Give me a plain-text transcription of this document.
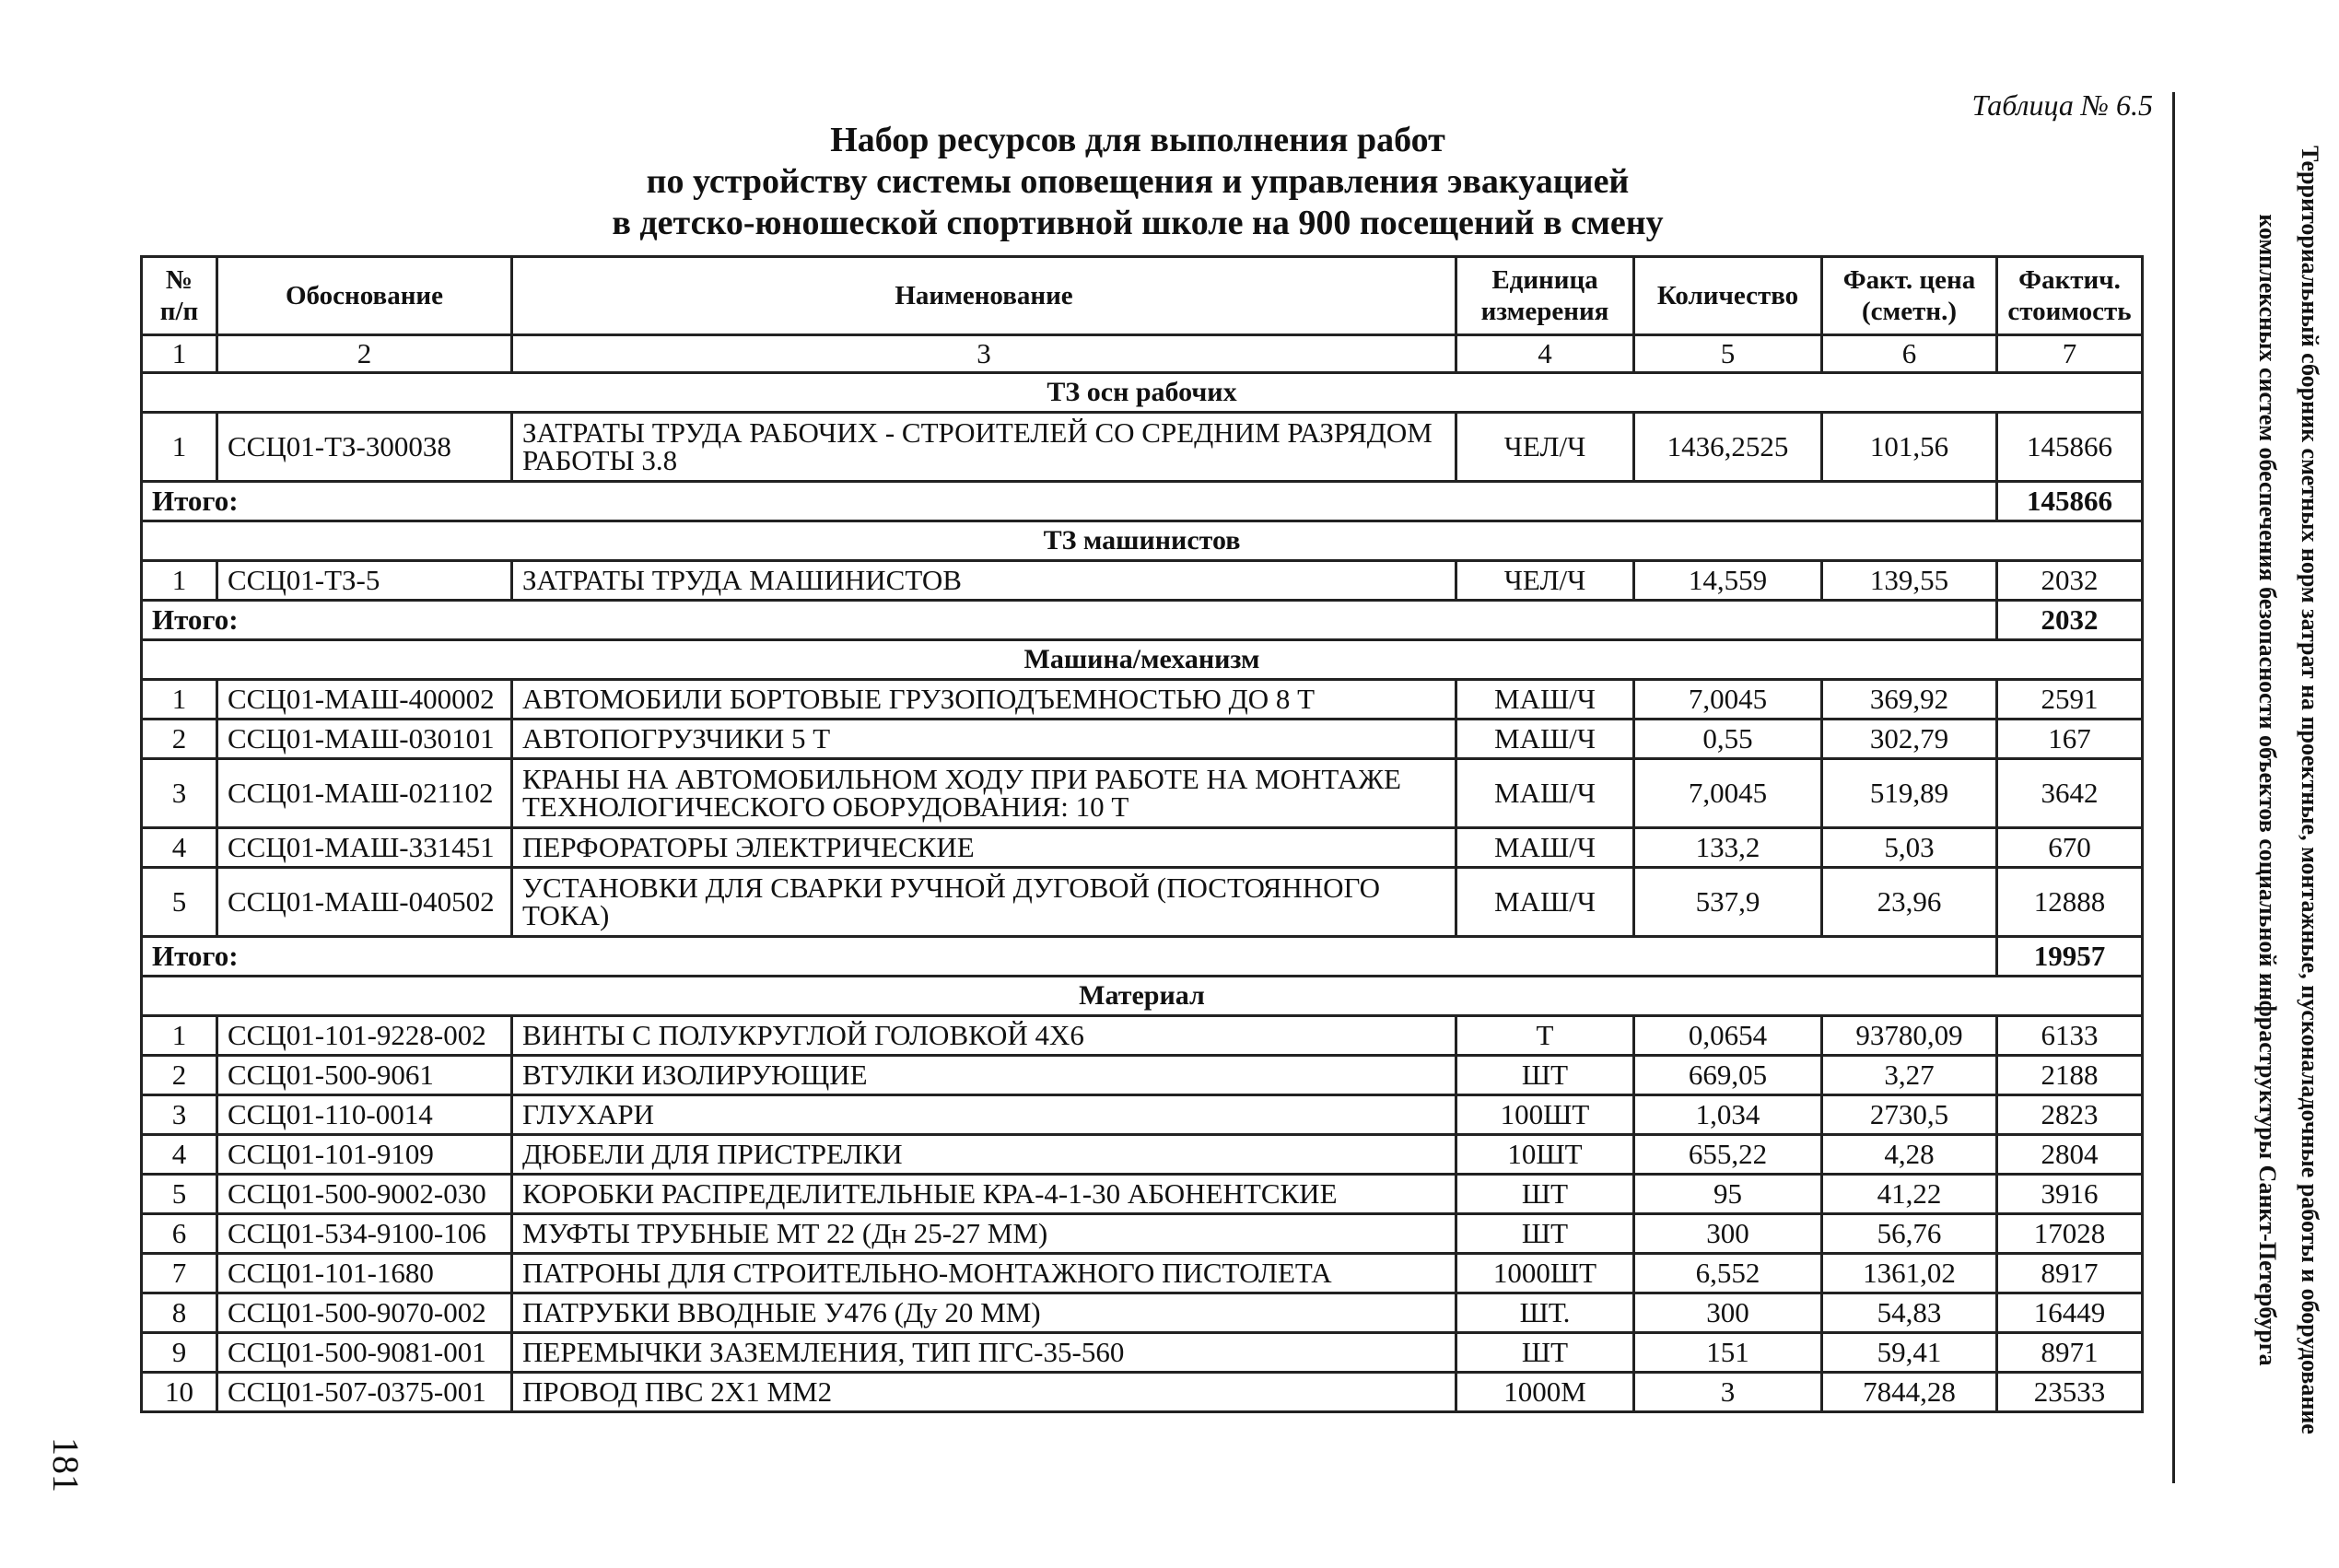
Таблица № 6.5
Набор ресурсов для выполнения работ
по устройству системы оповещения и управления эвакуацией
в детско-юношеской спортивной школе на 900 посещений в смену
181
Территориальный сборник сметных норм затрат на проектные, монтажные, пусконаладочные работы и оборудование
комплексных систем обеспечения безопасности объектов социальной инфраструктуры Санкт-Петербурга
№ п/п	Обоснование	Наименование	Единица измерения	Количество	Факт. цена (сметн.)	Фактич. стоимость
1	2	3	4	5	6	7
ТЗ осн рабочих						
1	ССЦ01-ТЗ-300038	ЗАТРАТЫ ТРУДА РАБОЧИХ - СТРОИТЕЛЕЙ СО СРЕДНИМ РАЗРЯДОМ РАБОТЫ 3.8	ЧЕЛ/Ч	1436,2525	101,56	145866
Итого:						145866
ТЗ машинистов						
1	ССЦ01-ТЗ-5	ЗАТРАТЫ ТРУДА МАШИНИСТОВ	ЧЕЛ/Ч	14,559	139,55	2032
Итого:						2032
Машина/механизм						
1	ССЦ01-МАШ-400002	АВТОМОБИЛИ БОРТОВЫЕ ГРУЗОПОДЪЕМНОСТЬЮ ДО 8 Т	МАШ/Ч	7,0045	369,92	2591
2	ССЦ01-МАШ-030101	АВТОПОГРУЗЧИКИ 5 Т	МАШ/Ч	0,55	302,79	167
3	ССЦ01-МАШ-021102	КРАНЫ НА АВТОМОБИЛЬНОМ ХОДУ ПРИ РАБОТЕ НА МОНТАЖЕ ТЕХНОЛОГИЧЕСКОГО ОБОРУДОВАНИЯ: 10 Т	МАШ/Ч	7,0045	519,89	3642
4	ССЦ01-МАШ-331451	ПЕРФОРАТОРЫ ЭЛЕКТРИЧЕСКИЕ	МАШ/Ч	133,2	5,03	670
5	ССЦ01-МАШ-040502	УСТАНОВКИ ДЛЯ СВАРКИ РУЧНОЙ ДУГОВОЙ (ПОСТОЯННОГО ТОКА)	МАШ/Ч	537,9	23,96	12888
Итого:						19957
Материал						
1	ССЦ01-101-9228-002	ВИНТЫ С ПОЛУКРУГЛОЙ ГОЛОВКОЙ 4Х6	Т	0,0654	93780,09	6133
2	ССЦ01-500-9061	ВТУЛКИ ИЗОЛИРУЮЩИЕ	ШТ	669,05	3,27	2188
3	ССЦ01-110-0014	ГЛУХАРИ	100ШТ	1,034	2730,5	2823
4	ССЦ01-101-9109	ДЮБЕЛИ ДЛЯ ПРИСТРЕЛКИ	10ШТ	655,22	4,28	2804
5	ССЦ01-500-9002-030	КОРОБКИ РАСПРЕДЕЛИТЕЛЬНЫЕ КРА-4-1-30 АБОНЕНТСКИЕ	ШТ	95	41,22	3916
6	ССЦ01-534-9100-106	МУФТЫ ТРУБНЫЕ МТ 22 (Дн 25-27 ММ)	ШТ	300	56,76	17028
7	ССЦ01-101-1680	ПАТРОНЫ ДЛЯ СТРОИТЕЛЬНО-МОНТАЖНОГО ПИСТОЛЕТА	1000ШТ	6,552	1361,02	8917
8	ССЦ01-500-9070-002	ПАТРУБКИ ВВОДНЫЕ У476 (Ду 20 ММ)	ШТ.	300	54,83	16449
9	ССЦ01-500-9081-001	ПЕРЕМЫЧКИ ЗАЗЕМЛЕНИЯ, ТИП ПГС-35-560	ШТ	151	59,41	8971
10	ССЦ01-507-0375-001	ПРОВОД ПВС 2Х1 ММ2	1000М	3	7844,28	23533
